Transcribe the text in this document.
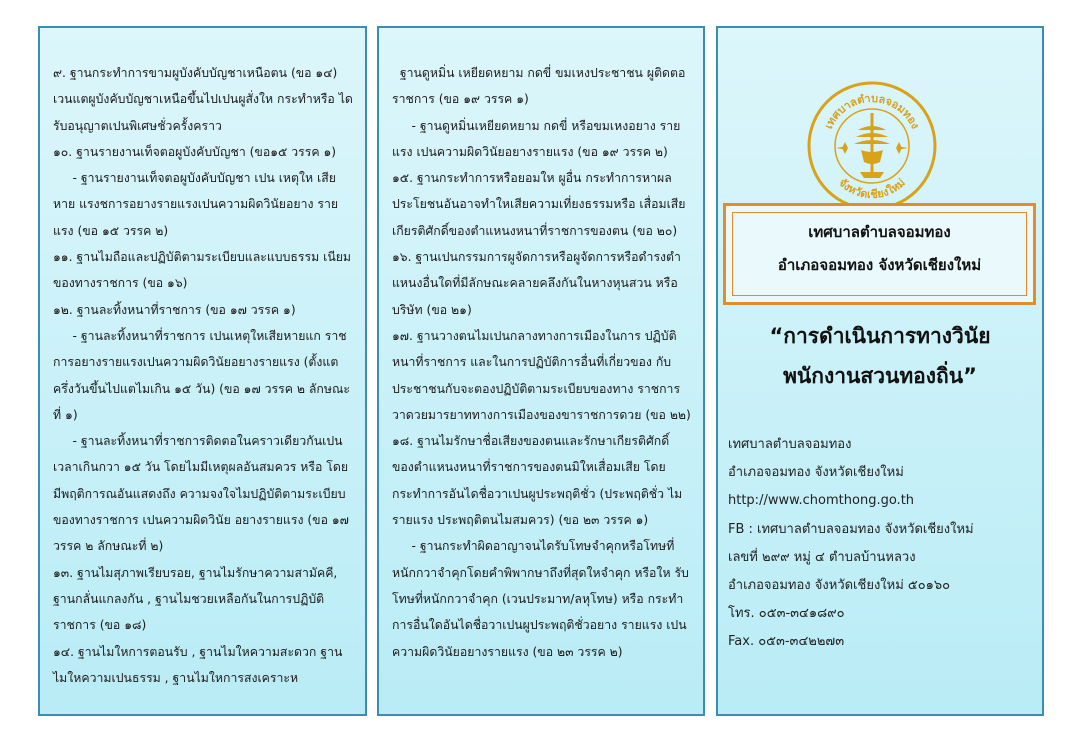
๙. ฐานกระทำการขามผูบังคับบัญชาเหนือตน (ขอ ๑๔) เวนแตผูบังคับบัญชาเหนือขึ้นไปเปนผูสั่งให กระทำหรือ ไดรับอนุญาตเปนพิเศษชั่วครั้งคราว

๑๐. ฐานรายงานเท็จตอผูบังคับบัญชา (ขอ๑๕ วรรค ๑)

- ฐานรายงานเท็จตอผูบังคับบัญชา เปน เหตุให เสียหาย แรงชการอยางรายแรงเปนความผิดวินัยอยาง รายแรง (ขอ ๑๕ วรรค ๒)

๑๑. ฐานไมถือและปฏิบัติตามระเบียบและแบบธรรม เนียมของทางราชการ (ขอ ๑๖)

๑๒. ฐานละทิ้งหนาที่ราชการ (ขอ ๑๗ วรรค ๑)

- ฐานละทิ้งหนาที่ราชการ เปนเหตุใหเสียหายแก ราชการอยางรายแรงเปนความผิดวินัยอยางรายแรง (ตั้งแตครึ่งวันขึ้นไปแตไมเกิน ๑๕ วัน) (ขอ ๑๗ วรรค ๒ ลักษณะที่ ๑)

- ฐานละทิ้งหนาที่ราชการติดตอในคราวเดียวกันเปน เวลาเกินกวา ๑๕ วัน โดยไมมีเหตุผลอันสมควร หรือ โดย มีพฤติการณอันแสดงถึง ความจงใจไมปฏิบัติตามระเบียบ ของทางราชการ เปนความผิดวินัย อยางรายแรง (ขอ ๑๗ วรรค ๒ ลักษณะที่ ๒)

๑๓. ฐานไมสุภาพเรียบรอย, ฐานไมรักษาความสามัคคี, ฐานกลั่นแกลงกัน , ฐานไมชวยเหลือกันในการปฏิบัติ ราชการ (ขอ ๑๘)

๑๔. ฐานไมใหการตอนรับ , ฐานไมใหความสะดวก ฐานไมใหความเปนธรรม , ฐานไมใหการสงเคราะห

ฐานดูหมิ่น เหยียดหยาม กดขี่ ขมเหงประชาชน ผูติดตอราชการ (ขอ ๑๙ วรรค ๑)

- ฐานดูหมิ่นเหยียดหยาม กดขี่ หรือขมเหงอยาง รายแรง เปนความผิดวินัยอยางรายแรง (ขอ ๑๙ วรรค ๒)

๑๕. ฐานกระทำการหรือยอมให ผูอื่น กระทำการหาผล ประโยชนอันอาจทำใหเสียความเที่ยงธรรมหรือ เสื่อมเสีย เกียรติศักดิ์ของตำแหนงหนาที่ราชการของตน (ขอ ๒๐)

๑๖. ฐานเปนกรรมการผูจัดการหรือผูจัดการหรือดำรงตำ แหนงอื่นใดที่มีลักษณะคลายคลึงกันในหางหุนสวน หรือบริษัท (ขอ ๒๑)

๑๗. ฐานวางตนไมเปนกลางทางการเมืองในการ ปฏิบัติหนาที่ราชการ และในการปฏิบัติการอื่นที่เกี่ยวของ กับประชาชนกับจะตองปฏิบัติตามระเบียบของทาง ราชการ วาดวยมารยาททางการเมืองของขาราชการดวย (ขอ ๒๒)

๑๘. ฐานไมรักษาชื่อเสียงของตนและรักษาเกียรติศักดิ์ ของตำแหนงหนาที่ราชการของตนมิใหเสื่อมเสีย โดย กระทำการอันไดชื่อวาเปนผูประพฤติชั่ว (ประพฤติชั่ว ไมรายแรง ประพฤติตนไมสมควร) (ขอ ๒๓ วรรค ๑)

- ฐานกระทำผิดอาญาจนไดรับโทษจำคุกหรือโทษที่ หนักกวาจำคุกโดยคำพิพากษาถึงที่สุดใหจำคุก หรือให รับโทษที่หนักกวาจำคุก (เวนประมาท/ลหุโทษ) หรือ กระทำการอื่นใดอันไดชื่อวาเปนผูประพฤติชั่วอยาง รายแรง เปนความผิดวินัยอยางรายแรง (ขอ ๒๓ วรรค ๒)

เทศบาลตำบลจอมทอง
จังหวัดเชียงใหม่
เทศบาลตำบลจอมทอง
อำเภอจอมทอง จังหวัดเชียงใหม่
“การดำเนินการทางวินัย
พนักงานสวนทองถิ่น”
เทศบาลตำบลจอมทอง
อำเภอจอมทอง จังหวัดเชียงใหม่
http://www.chomthong.go.th
FB : เทศบาลตำบลจอมทอง จังหวัดเชียงใหม่
เลขที่ ๒๙๙ หมู่ ๔ ตำบลบ้านหลวง
อำเภอจอมทอง จังหวัดเชียงใหม่ ๕๐๑๖๐
โทร. ๐๕๓-๓๔๑๘๙๐
Fax. ๐๕๓-๓๔๒๒๗๓
